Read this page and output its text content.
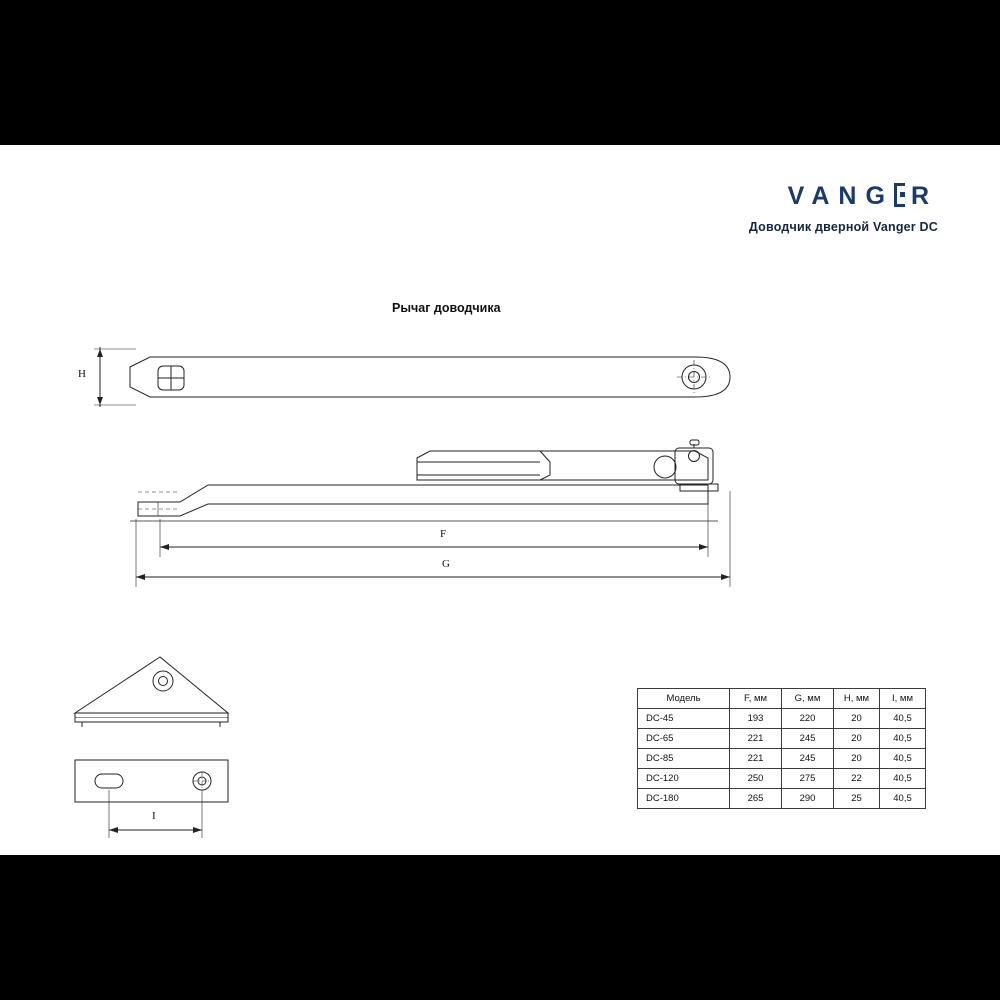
VANG R
Доводчик дверной Vanger DC
Рычаг доводчика
H
F
G
I
Модель	F, мм	G, мм	H, мм	I, мм
DC-45	193	220	20	40,5
DC-65	221	245	20	40,5
DC-85	221	245	20	40,5
DC-120	250	275	22	40,5
DC-180	265	290	25	40,5
